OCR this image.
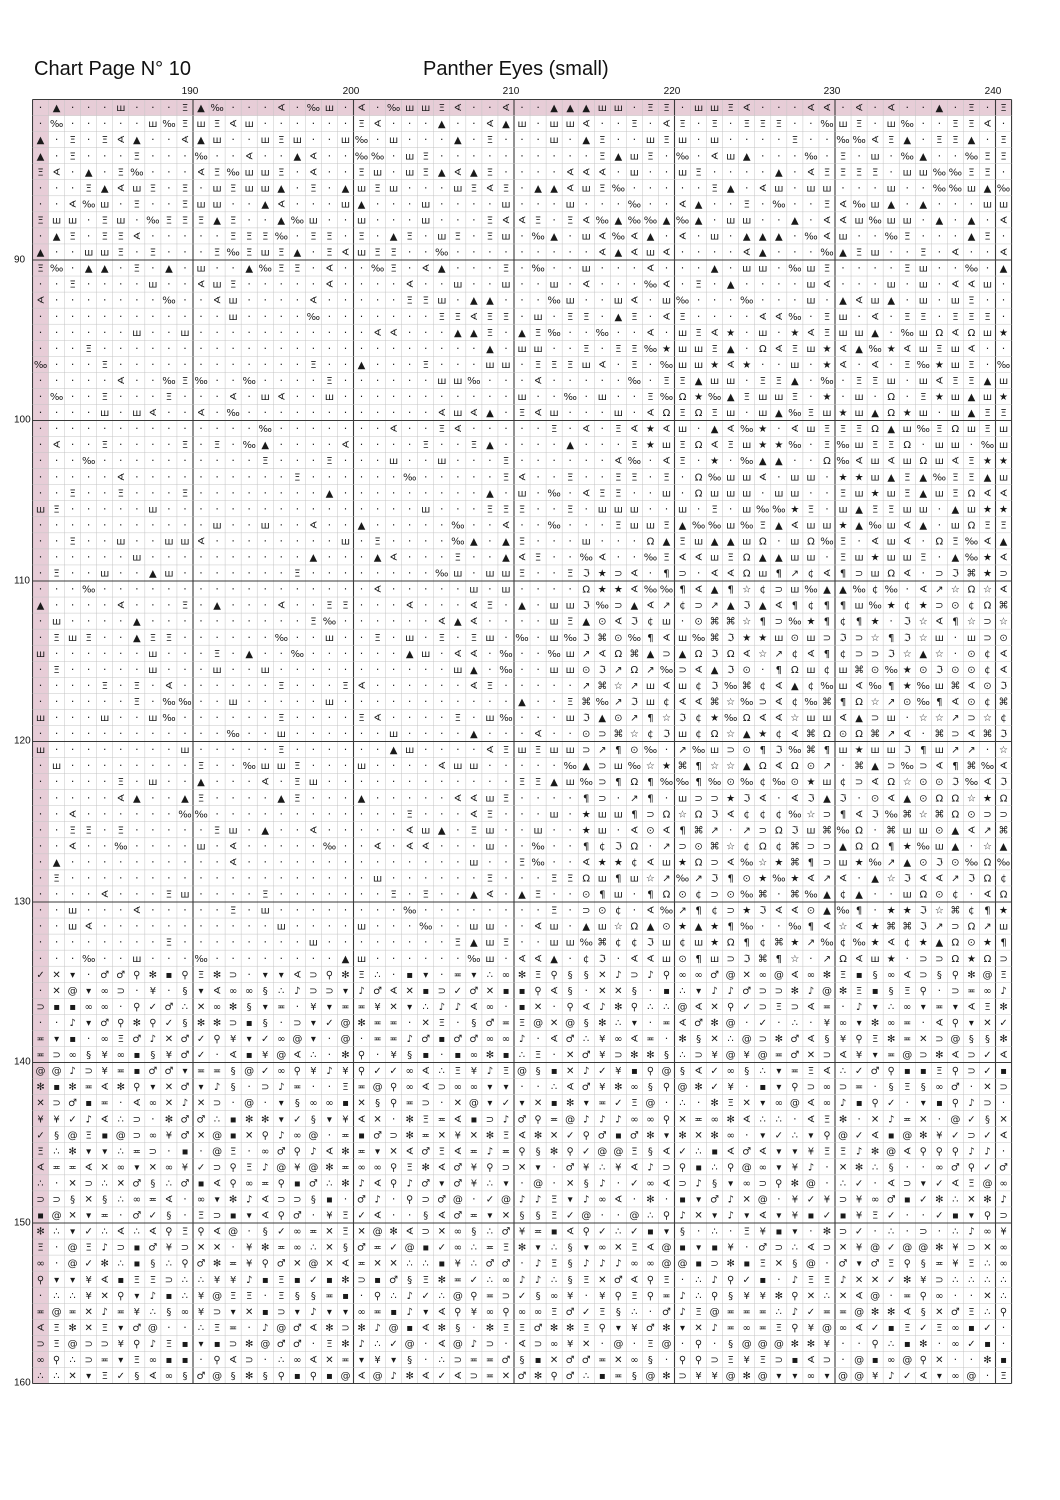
Chart Page N° 10	Panther Eyes (small)
190	200	210	220	230	240
90
100
110
120
130
140
150
160
· ▲ · · · ш · · · Ξ ▲ ‰ · · · ∢ · ‰ ш · ∢ · ‰ ш ш Ξ ∢ · · ∢ · · ▲ ▲ ▲ ш ш · Ξ Ξ · ш ш Ξ ∢ · · · ∢ ∢ · ∢ · ∢ · · ▲ · Ξ · Ξ
· ‰ · · · · · ш ‰ Ξ ш Ξ ∢ ш · · · · · · Ξ ∢ · · · ▲ · · ∢ ▲ ш · ш ш ∢ · · Ξ · ∢ Ξ · Ξ · Ξ Ξ Ξ · · ‰ ш Ξ · ш ‰ · · Ξ Ξ ∢ ·
▲ · Ξ · Ξ ∢ ▲ · · ∢ ▲ ш · · ш Ξ ш · · ш ‰ · ш · · · ▲ · Ξ · · · ш · ▲ Ξ · · ш Ξ ш · ш · · · · Ξ · · ‰ ‰ ∢ Ξ ▲ · Ξ Ξ ▲ · Ξ
▲ · Ξ · · · Ξ · · · ‰ · · ∢ · · ▲ ∢ · · ‰ ‰ · ш Ξ · · · · · · · · · · Ξ ▲ ш Ξ · ‰ · ∢ ш ▲ · · · ‰ · Ξ · ш · ‰ ▲ · · ‰ Ξ Ξ
Ξ ∢ · ▲ · Ξ ‰ · · · ∢ Ξ ‰ ш ш Ξ · ∢ · · Ξ ш · ш Ξ ▲ ∢ ▲ Ξ · · · · ∢ ∢ ∢ · ш · · ш Ξ · · · · ▲ · ∢ Ξ Ξ Ξ Ξ · ш ш ‰ ‰ Ξ Ξ ·
· · · Ξ ▲ ∢ ш Ξ · Ξ · ш Ξ ш ш ▲ · Ξ · ▲ ш Ξ ш · · · ш Ξ ∢ Ξ · ▲ ▲ ∢ ш Ξ ‰ · · · · · Ξ ▲ · ∢ ш · ш ш · · · ш · · ‰ ‰ ш ▲ ‰
· · ∢ ‰ ш · Ξ · · Ξ ш ш · · ▲ ∢ · · · ш ▲ · · · ш · · · · ш · · · ш · · · ‰ · · ∢ ▲ · · Ξ · ‰ · · Ξ ∢ ‰ ш ▲ · ▲ · · · ш ш
Ξ ш ш · Ξ ш · ‰ Ξ Ξ Ξ ▲ Ξ · · ▲ ‰ ш · · ш · · · ш · · · Ξ ∢ ∢ Ξ · Ξ ∢ ‰ ▲ ‰ ‰ ▲ ‰ ▲ · ш ш · · ▲ · ∢ ∢ ш ‰ ш ш · ▲ · ▲ · ∢
· ▲ Ξ · Ξ Ξ ∢ · · · · · Ξ Ξ Ξ ‰ · Ξ Ξ · Ξ · ▲ Ξ · ш Ξ · Ξ ш · ‰ ▲ · ш ∢ ‰ ∢ ▲ · ∢ · ш · ▲ ▲ ▲ · ‰ ∢ ш · · ‰ Ξ · · · ▲ Ξ ·
▲ · · ш ш Ξ · Ξ · · · Ξ ‰ Ξ ш Ξ ▲ · Ξ ∢ ш Ξ Ξ · · ‰ · · · · · · · · · ∢ ▲ ∢ ш ∢ · · · · ∢ ▲ · · · ‰ ▲ Ξ ш · · Ξ · ∢ · · ∢
Ξ ‰ · ▲ ▲ · Ξ · ▲ · ш · · ▲ ‰ Ξ Ξ · ∢ · · ‰ Ξ · ∢ ▲ · · · Ξ · ‰ · · ш · · · ∢ · · · ▲ · ш ш · ‰ ш Ξ · · · · Ξ ш · · ‰ · ▲
· · Ξ · · · · ш · · ∢ ш Ξ · · · · · ∢ · · · · ∢ · · ш · · ш · · ш · ∢ · · · ‰ ∢ · Ξ · ▲ · · · · ш ∢ · · · ш · ш · ∢ ∢ ш ·
∢ · · · · · · · ‰ · · ∢ ш · · · · ∢ · · · · · Ξ Ξ ш · ▲ ▲ · · · ‰ ш · · ш ∢ · ш ‰ · · · ‰ · · · ш · ▲ ∢ ш ▲ · ш · ш Ξ · ·
· · · · · · · · · · · · ш · · · · ‰ · · · · · · · Ξ Ξ ∢ Ξ Ξ · ш · Ξ Ξ · ▲ Ξ · ∢ Ξ · · · · ∢ ∢ ‰ · Ξ ш · ∢ · Ξ Ξ · Ξ Ξ Ξ ·
· · · · · · ш · · ш · · · · · · · · · · · ∢ ∢ · · · ▲ ▲ Ξ · ▲ Ξ ‰ · · ‰ · · ∢ · ш Ξ ∢ ★ · ш · ★ ∢ Ξ ш ш ▲ · ‰ ш Ω ∢ Ω ш ★
· · · Ξ · · · · · · · · · · · · · · · · · · · · · · · · ▲ · ш ш · · Ξ · Ξ Ξ ‰ ★ ш ш Ξ ▲ · Ω ∢ Ξ ш ★ ∢ ▲ ‰ ★ ∢ ш Ξ ш ∢ · ·
‰ · · · Ξ · · · · · · · · · · · · Ξ · · ▲ · · · Ξ · · · ш ш · Ξ Ξ Ξ ш ∢ · Ξ · ‰ ш ш ★ ∢ ★ · · ш · ★ ∢ · ∢ · Ξ ‰ ★ ш Ξ · ‰
· · · · · ∢ · · ‰ Ξ ‰ · · ‰ · · · · Ξ · · · · · · ш ш ‰ · · · ∢ · · · · · ‰ · Ξ Ξ ▲ ш ш · Ξ Ξ ▲ · ‰ · Ξ Ξ ш · ш ∢ Ξ Ξ ▲ ш
· ‰ · · Ξ · · · Ξ · · · ∢ · ш ∢ · · ш · · · · · · · · · · · ш · · ‰ · ш · · Ξ ‰ Ω ★ ‰ ▲ Ξ ш ш Ξ · ★ · ш · Ω · Ξ ★ ш ▲ ш ★
· · · · ш · ш ∢ · · ∢ · ‰ · · · · · · · · · · · · ∢ ш ∢ ▲ · Ξ ∢ ш · · · ш · ∢ Ω Ξ Ω Ξ ш · ш ▲ ‰ Ξ ш ★ ш ▲ Ω ★ ш · ш ▲ Ξ Ξ
· · · · · · · · · · · · · · ‰ · · · · · · · ∢ · · Ξ ∢ · · · · · Ξ · ∢ · Ξ ∢ ★ ∢ ш · ▲ ∢ ‰ ★ · ∢ ш Ξ Ξ Ξ Ω ▲ ш ‰ Ξ Ω ш Ξ ш
· ∢ · · Ξ · · · · Ξ · Ξ · ‰ ▲ · · · · ∢ · · · · Ξ · · Ξ ▲ · · · · ▲ · · · Ξ ★ ш Ξ Ω ∢ Ξ ш ★ ★ ‰ · Ξ ‰ ш Ξ Ξ Ω · ш ш · ‰ ш
· · · ‰ · · · · · · · · · · Ξ · · · Ξ · · · ш · · ш · · · Ξ · · · · · · ∢ ‰ · ∢ Ξ · ★ · ‰ ▲ ▲ · · Ω ‰ ∢ ш ∢ ш Ω ш ∢ Ξ ★ ★
· · · · · ∢ · · · · · · · · · · Ξ · · · · · · ‰ · · · · · Ξ ∢ · · Ξ · · Ξ Ξ · Ξ · Ω ‰ ш ш ∢ · ш ш · ★ ★ ш ▲ Ξ ▲ ‰ Ξ Ξ ▲ ш
· · Ξ · · Ξ · · · Ξ · · · · · · · · ▲ · · · · · · · · · ▲ · ш · ‰ · ∢ Ξ Ξ · · ш · Ω ш ш ш · ш ш · · Ξ ш ★ ш Ξ ▲ ш Ξ Ω ∢ ∢
ш Ξ · · · · · ш · · · · · · · · · · · · · · · · ш · · · Ξ Ξ Ξ · · Ξ · ш ш ш · · ш · Ξ · ш ‰ ‰ ★ Ξ · ш ▲ Ξ Ξ ш ш · ▲ ш ★ ★
· · · · · · · · · · · ш · · ш · · ∢ · · ▲ · · · · · ‰ · · ∢ · · ‰ · · · Ξ ш ш Ξ ▲ ‰ ‰ ш ‰ Ξ ▲ ∢ ш ш ★ ▲ ‰ ш ∢ ▲ · ш Ω Ξ Ξ
· · Ξ · · ш · · ш ш ∢ · · · · · · · · ш · Ξ · · · · ‰ ▲ · ▲ Ξ · · · ш · · · Ω ▲ Ξ ш ▲ ▲ ш Ω · ш Ω ‰ Ξ · ∢ ш ∢ · Ω Ξ ‰ ∢ ▲
· · · · · · ш · · · · · · · · · · ▲ · · · ▲ ∢ · · · Ξ · · ▲ ∢ Ξ · · ‰ ∢ · · ‰ Ξ ∢ ∢ ш Ξ Ω ▲ ▲ ш ш · Ξ ш ★ ш ш Ξ · ▲ ‰ ★ ∢
· Ξ · · ш · · ▲ ш · · · · · · · Ξ · · · · · · · · ‰ ш · ш ш Ξ · · Ξ ℑ ★ ⊃ ∢ · ¶ ⊃ · ∢ ∢ Ω ш ¶ ↗ ¢ ∢ ¶ ⊃ ш Ω ∢ · ⊃ ℑ ⌘ ★ ⊃
· · · ‰ · · · · · · · · · · · · · · · · · ∢ · · · · · ш · ш · · · · Ω ★ ★ ∢ ‰ ‰ ¶ ∢ ▲ ¶ ☆ ¢ ⊃ ш ‰ ▲ ▲ ‰ ¢ ‰ · ∢ ↗ ☆ Ω ☆ ∢
▲ · · · · ∢ · · · Ξ · ▲ · · · ∢ · · Ξ Ξ · · · ∢ · · · ∢ Ξ · ▲ · ш ш ℑ ‰ ⊃ ▲ ∢ ↗ ¢ ⊃ ↗ ▲ ℑ ▲ ∢ ¶ ¢ ¶ ¶ ш ‰ ★ ¢ ★ ⊃ ⊙ ¢ Ω ⌘
· ш · · · · ▲ · · · · · · · · · · Ξ ‰ · · · · · · ∢ ▲ ∢ · · · · ш Ξ ▲ ⊙ ∢ ℑ ¢ ш · ⊙ ⌘ ⌘ ☆ ¶ ⊃ ‰ ★ ¶ ¢ ¶ ★ · ℑ ☆ ∢ ¶ ☆ ⊃ ☆
· Ξ ш Ξ · · ▲ Ξ Ξ · · · · · · ‰ · · ш · · Ξ · ш · Ξ · Ξ ш · ‰ · ш ‰ ℑ ⌘ ⊙ ‰ ¶ ∢ ш ‰ ⌘ ℑ ★ ★ ш ⊙ ш ⊃ ℑ ⊃ ☆ ¶ ℑ ☆ ш · ш ⊃ ⊙
ш · · · · · · ш · · · Ξ · ▲ · · ‰ · · · · · · ▲ ш · ∢ ∢ · ‰ · · ‰ ш ↗ ∢ Ω ⌘ ▲ ⊃ ▲ Ω ℑ Ω ∢ ☆ ↗ ¢ ∢ ¶ ¢ ⊃ ⊃ ℑ ☆ ▲ ☆ · ⊙ ¢ ∢
· Ξ · · · · · ш · · · ш · · ш · · · · · · · · · · · ш ▲ · ‰ · · ш ш ⊙ ℑ ↗ Ω ↗ ‰ ⊃ ∢ ▲ ℑ ⊙ · ¶ Ω ш ¢ ш ⌘ ⊙ ‰ ★ ⊙ ℑ ⊙ ⊙ ¢ ∢
· · · · Ξ · Ξ · ∢ · · · · · · Ξ · · · Ξ ∢ · · · · · · ∢ Ξ · · · · · ↗ ⌘ ☆ ↗ ш ∢ ш ¢ ℑ ‰ ⌘ ¢ ∢ ▲ ¢ ‰ ш ∢ ‰ ¶ ★ ‰ ш ⌘ ∢ ⊙ ℑ
· · · · · · Ξ · ‰ ‰ · · ш · · · · · ш · · · · · · · · · · · ▲ · · Ξ ⌘ ‰ ↗ ℑ ш ¢ ∢ ∢ ⌘ ☆ ‰ ⊃ ∢ ¢ ‰ ⌘ ¶ Ω ☆ ↗ ⊙ ‰ ¶ ∢ ⊙ ¢ ⌘
ш · · · ш · · ш ‰ · · · · · · Ξ · · · · Ξ ∢ · · · · Ξ · ш ‰ · · · ш ℑ ▲ ⊙ ↗ ¶ ☆ ℑ ¢ ★ ‰ Ω ∢ ∢ ☆ ш ш ∢ ▲ ⊃ ш · ☆ ☆ ↗ ⊃ ☆ ¢
· · · · · · · · · · · · ‰ · · ш · · · · · · ш · · · · ▲ · · · ∢ · · ⊙ ⊃ ⌘ ☆ ¢ ℑ ш ¢ Ω ☆ ▲ ★ ¢ ∢ ⌘ Ω ⊙ Ω ⌘ ↗ ∢ · ⌘ ⊃ ∢ ⌘ ℑ
ш · · · · · · · · ш · · · · · Ξ · · · · · · ▲ ш · · · · ∢ Ξ ш Ξ ш ш ⊃ ↗ ¶ ⊙ ‰ · ↗ ‰ ш ⊃ ⊙ ¶ ℑ ‰ ⌘ ¶ ш ★ ш ш ℑ ¶ ш ↗ ↗ · ☆
· ш · · · · · · · · Ξ · · ‰ ш ш Ξ · · · ш · · · · ∢ ш ш · · · · · ‰ ▲ ⊃ ш ‰ ☆ ★ ⌘ ¶ ☆ ☆ ▲ Ω ∢ Ω ⊙ ↗ · ⌘ ▲ ⊃ ‰ ⊃ ∢ ¶ ⌘ ‰ ∢
· · · · · Ξ · ш · · ▲ · · · ∢ · Ξ ш · · · · · · · · · · · · Ξ Ξ ▲ ш ‰ ⊃ ¶ Ω ¶ ‰ ‰ ¶ ‰ ⊙ ‰ ¢ ‰ ⊙ ★ ш ¢ ⊃ ∢ Ω ☆ ⊙ ⊙ ℑ ‰ ∢ ℑ
· · · · · ∢ ▲ · · ▲ Ξ · · · · ▲ Ξ · · · ▲ · · · · · ∢ ∢ ш Ξ · · · · ¶ ⊃ · ↗ ¶ · ш ⊃ ⊃ ★ ℑ ∢ · ∢ ℑ ▲ ℑ · ⊙ ∢ ▲ ⊙ Ω Ω ☆ ★ Ω
· · ∢ · · · · · · ‰ ‰ · · · · · · · · · · · · Ξ · · · ∢ Ξ · · · ш · ★ ш ш ¶ ⊃ Ω ☆ Ω ℑ ∢ ¢ ¢ ¢ ‰ ☆ ⊃ ¶ ∢ ℑ ‰ ⌘ ☆ ⌘ Ω ⊙ ⊃ ⊃
· · Ξ Ξ · Ξ · · · · · Ξ ш · ▲ · · ∢ · · · · · ∢ ш ▲ · Ξ ш · · ш · · ★ ш · ∢ ⊙ ∢ ¶ ⌘ ↗ · ↗ ⊃ Ω ℑ ш ⌘ ‰ Ω · ⌘ ш ш ⊙ ▲ ∢ ↗ ⌘
· · ∢ · · ‰ · · · · ш · ∢ · · · · · ‰ · · ∢ · ∢ ∢ · · · ш · · ‰ · · ¶ ¢ ℑ Ω · ↗ ⊃ ⊙ ⌘ ☆ ¢ Ω ¢ ⌘ ⊃ ⊃ ▲ Ω Ω ¶ ★ ‰ ш ▲ · ☆ ▲
· ▲ · · · · · · · · · · ∢ · · · · · · · · · · · · · · ш · · Ξ ‰ · · ∢ ★ ★ ¢ ∢ ш ★ Ω ⊃ ∢ ‰ ☆ ★ ⌘ ¶ ⊃ ш ★ ‰ ↗ ▲ ⊙ ℑ ⊙ ‰ Ω ‰
· Ξ · · · · · · · · · · · · · · · · · · · ш · · · · · · Ξ · · · Ξ Ξ Ω ш ¶ ш ☆ ↗ ‰ ↗ ℑ ¶ ⊙ ★ ‰ ★ ∢ ↗ ∢ · ▲ ☆ ℑ ∢ ∢ ↗ ℑ Ω ¢
· · · · ∢ · · · Ξ ш · · · · Ξ · · · · · · · Ξ · Ξ · · ▲ ∢ · ▲ Ξ · · ⊙ ¶ ш · ¶ Ω ⊙ ¢ ⊃ ⊙ ‰ ⌘ · ⌘ ‰ ▲ ¢ ▲ · · ш Ω ⊙ ¢ · ∢ Ω
· · ш · · · ∢ · · · · · Ξ · ш · · · · · · · · ‰ · · · · · · · · Ξ · ⊃ ⊙ ¢ · ∢ ‰ ↗ ¶ ¢ ⊃ ★ ℑ ∢ ∢ ⊙ ▲ ‰ ¶ · ★ ★ ℑ ☆ ⌘ ¢ ¶ ★
· · ш ∢ · · · · · · · · · · · ш · · · · ш · · · ‰ · · ш ш · · ∢ ш · ▲ ш ☆ Ω ▲ ⊙ ★ ▲ ★ ¶ ‰ · · ‰ ¶ ∢ ☆ ∢ ★ ⌘ ⌘ ℑ ↗ ⊃ Ω ↗ ш
· · · · · · · · Ξ · · · · · · · · ш · · · · · · · · Ξ ▲ ш Ξ · · ш ш ‰ ⌘ ¢ ¢ ℑ ш ¢ ш ★ Ω ¶ ¢ ⌘ ★ ↗ ‰ ¢ ‰ ★ ∢ ¢ ★ ▲ Ω ⊙ ★ ¶
· · · ‰ · · ш · · · ‰ · · · · · · · · ▲ ш · · · · · · ‰ ш · ∢ ∢ ▲ · ¢ ℑ · ∢ ∢ ш ⊙ ¶ ш ⊃ ℑ ⌘ ¶ ☆ · ↗ Ω ∢ ш ★ · ⊃ ⊃ Ω ★ Ω ⊃
✓ ✕ ▾ · ♂ ♂ ⚲ ✻ ▪ ⚲ Ξ ✻ ⊃ · ▾ ▾ ∢ ⊃ ⚲ ✻ Ξ ∴ · ▪ ▾ · ≖ ▾ ∴ ∞ ✻ Ξ ⚲ § § ✕ ♪ ⊃ ♪ ⚲ ∞ ∞ ♂ @ ✕ ∞ @ ∢ ∞ ✻ Ξ ▪ § ∞ ∢ ⊃ § ⚲ ✻ @ Ξ
· ✕ @ ▾ ∞ ⊃ · ¥ · § ▾ ∢ ∞ ∞ § ∴ ♪ ⊃ ⊃ ▾ ♪ ♂ ∢ ✕ ▪ ⊃ ✓ ♂ ✕ ▪ ▪ ⚲ ∢ § · ✕ ✕ § · ▪ ∴ ▾ ♪ ♪ ♂ ⊃ ⊃ ✻ ♪ @ ✻ Ξ ▪ § Ξ ⚲ · ⊃ ≖ ∞ ♪
⊃ ▪ ▪ ∞ ∞ · ⚲ ✓ ♂ ∴ ✕ ∞ ✻ § ▾ ≖ · ¥ ▾ ≖ ≖ ¥ ✕ ▾ ∴ ♪ ♪ ∢ ∞ · ▪ ✕ · ⚲ ∢ ♪ ✻ ⚲ ∴ ∴ @ ∢ ✕ ⚲ ✓ ⊃ Ξ ⊃ ∢ ≖ · ♪ ▾ ∴ ∞ ▾ ≖ ▾ ∢ Ξ ✻
· · ♪ ▾ ♂ ⚲ ✻ ⚲ ✓ § ✻ ✻ ⊃ ▪ § · ⊃ ▾ ✓ @ ✻ ≖ ≖ · ✕ Ξ · § ♂ ≖ Ξ @ ✕ @ § ✻ ∴ ▾ · ≖ ∢ ♂ ✻ @ · ✓ · ∴ · ¥ ∞ ▾ ✻ ∞ ≖ · ∢ ⚲ ▾ ✕ ✓
≖ ▾ ▪ · ∞ Ξ ♂ ♪ ✕ ♂ ✓ ⚲ ¥ ▾ ✓ ∞ @ ▾ · @ · ≖ ≖ ♪ ♂ ▪ ♂ ♂ ∞ ∞ ♪ · ∢ ♂ ∴ ¥ ∞ ∢ ≖ · ✻ § ✕ ∴ @ ⊃ ✻ ♂ ∢ § ¥ ⚲ Ξ ✻ ≖ ✕ ⊃ @ § § ✻
≖ ⊃ ∞ § ¥ ∞ ▪ § ¥ ♂ ✓ · ∢ ▪ ¥ @ ∢ ∴ · ✻ ⚲ · ¥ § ▪ · ▪ ∞ ✻ ▪ ∴ Ξ · ✕ ♂ ¥ ⊃ ✻ ✻ § ∴ ⊃ ¥ @ ¥ @ ≖ ♂ ✕ ⊃ ∢ ¥ ▾ ≖ @ ⊃ ✻ ∢ ⊃ ✓ ∢
@ @ ♪ ⊃ ¥ ≖ ▪ ♂ ♂ ▾ ≖ ≖ § @ ✓ ∞ ⚲ ¥ ♪ ¥ ⚲ ✓ ✓ ∞ ∢ ∴ Ξ ¥ ♪ Ξ @ § ▪ ✕ ♪ ✓ ¥ ▪ ⚲ @ § ∢ ✓ ∞ § ∴ ▾ ≖ Ξ ∢ ∴ ✓ ♂ ⚲ ▪ ▪ Ξ ⚲ ⊃ ✓ ▪
✻ ▪ ✻ ≖ ∢ ✻ ⚲ ▾ ✕ ♂ ▾ ♪ § · ⊃ ♪ ≖ · · Ξ ≖ @ ⚲ ∞ ∢ ⊃ ∞ ∞ ▾ ▾ · · ∴ ∢ ♂ ¥ ✻ ∞ § ⚲ @ ✻ ✓ ¥ · ▪ ▾ ⚲ ⊃ ∞ ⊃ ≖ · § Ξ § ∞ ♂ · ✕ ⊃
✕ ⊃ ♂ ▪ ≖ · ∢ ∞ ✕ ♪ ✕ ⊃ · @ · ▾ § ∞ ∞ ▪ ✕ § ⚲ ≖ ⊃ · ✕ @ ▾ ✓ ▾ ✕ ▪ ✻ ▾ ≖ ✓ Ξ @ · ∴ · ✻ Ξ ✕ ▾ ∞ @ ∢ ∞ ♪ ▪ ⚲ ✓ · ▾ ▪ ⚲ ♪ ⊃ ·
¥ ¥ ✓ ♪ ∢ ∴ ⊃ · ✻ ♂ ♂ ∴ ▪ ✻ ✻ ▾ ✓ § ▾ ¥ ∢ ✕ · ✻ Ξ ≖ ∢ ▪ ⊃ ♪ ♂ ⚲ ≖ @ ♪ ♪ ♪ ∞ ∞ ⚲ ✕ ≖ ∞ ✻ ∢ ∴ ∴ · ∢ Ξ ✻ · ✕ ♪ ≖ ✕ · @ ✓ § ✕
✓ § @ Ξ ▪ @ ⊃ ∞ ¥ ♂ ✕ @ ▪ ✕ ⚲ ♪ ∞ @ · ≖ ▪ ♂ ⊃ ✻ ≖ ✕ ¥ ✕ ✻ Ξ ∢ ✻ ✕ ✓ ⚲ ♂ ▪ ♂ ✻ ▾ ✻ ✕ ✻ ∞ · ▾ ✓ ∴ ▾ ⚲ @ ✓ ∢ ▪ @ ✻ ¥ ✓ ⊃ ✓ ∢
Ξ ∴ ✻ ▾ ▾ ∴ ≖ ⊃ · ▪ · @ Ξ · ∞ ♂ ⚲ ♪ ∢ ✻ ≖ ▾ ✕ ∢ ♂ Ξ ∢ ≖ ♪ ≖ ⚲ § ✻ ⚲ ✓ @ @ Ξ § ∢ ✓ ∴ ▪ ∢ ♂ ∢ ▾ ▾ ¥ Ξ Ξ ♪ ✻ @ ∢ ⚲ ⚲ ⚲ ♪ ♪ ·
∢ ≖ ≖ ∢ ✕ ∞ ▾ ✕ ∞ ¥ ✓ ⊃ ⚲ Ξ ♪ @ ¥ @ ✻ ≖ ∞ ∞ ⚲ Ξ ✻ ∢ ♂ ¥ ⚲ ⊃ ✕ ▾ · ♂ ¥ ∴ ¥ ∢ ♪ ⊃ ⚲ ▪ ∴ ⚲ @ ∞ ▾ ¥ ♪ · ✕ ✻ ∴ § · · ∞ ♂ ⚲ ✓ ♂
∴ · ✕ ⊃ ∴ ✕ ♂ § ∴ ♂ ▪ ∢ ⚲ ∞ ≖ ⚲ ▪ ♂ ∴ ✻ ♪ ∢ ⚲ ♪ ♂ ▾ ♂ ¥ ∴ ▾ · @ · ✕ § ♪ · ✓ ∞ ∢ ⊃ ♪ § ▾ ∞ ⊃ ⚲ ✻ @ · ∴ ✓ · ∢ ⊃ ▾ ✓ ∢ Ξ @ ∞
⊃ ⊃ § ✕ § ∴ ∞ ≖ ∢ · ∞ ▾ ✻ ♪ ∢ ⊃ ⊃ § ▪ · ♂ ♪ · ⚲ ⊃ ♂ @ · ✓ @ ♪ ♪ Ξ ▾ ♪ ∞ ∢ · ✻ · ▪ ▾ ♂ ♪ ✕ @ · ¥ ✓ ¥ ⊃ ¥ ∞ ♂ ▪ ✓ ✻ ∴ ✕ ✻ ♪
▪ @ ✕ ▾ ≖ · ♂ ✓ § · Ξ ⊃ ▪ ▾ ∢ ⚲ ♂ · ¥ Ξ ✓ ∢ · · § ∢ ♂ ≖ ▾ ✕ § § Ξ ✓ @ · · @ ∴ ⚲ ♪ ✕ ▾ ♪ ▾ ∢ ▾ ¥ ▪ ✓ ▪ ¥ Ξ ✓ · · ✓ ▪ ▾ ⚲ ⊃
✻ ∴ ▾ ✓ ∴ ∢ ∴ ∢ ⚲ Ξ ⚲ ∢ @ · § ✓ ∞ ≖ ✕ Ξ ✕ @ ✻ ∢ ⊃ ✕ ∞ § ∴ ♂ ¥ ≖ ▪ ∢ ⚲ ✓ ∴ ✓ ▪ ▾ § · ∴ · Ξ ¥ ▪ ▾ · ✻ ⊃ ✓ · ∴ · ⊃ · ∴ ♪ ∞ ¥
Ξ · @ Ξ ♪ ⊃ ▪ ♂ ¥ ⊃ ✕ ✕ · ¥ ✻ ≖ ∞ ∴ ✕ § ♂ ≖ ✓ @ ▪ ✓ ∞ ∴ ≖ Ξ ✻ ▾ ∴ § ▾ ∞ ✕ Ξ ∢ @ ▪ ▾ ▪ ¥ · ♂ ⊃ ∴ ∢ ⊃ ✕ ¥ @ ✓ @ @ ✻ ¥ ⊃ ✕ ∞
∞ · @ ✓ ✻ ∴ ▪ § ∴ ⚲ ♂ ✻ ≖ ¥ ⚲ ♂ ✕ @ ✕ ∢ ≖ ✕ ✕ ∴ ∴ ▪ ¥ ∴ ♂ ♂ · ♪ Ξ § ♪ ♪ ♪ ∞ ∞ @ @ ▪ ⊃ ✻ ▪ Ξ ✕ § @ · ♂ ▾ ♂ Ξ ⚲ § ≖ ¥ Ξ ∴ ∞
⚲ ▾ ▾ ¥ ∢ ▪ Ξ Ξ ⊃ ∴ ∴ ¥ ¥ ♪ ▪ Ξ ▪ ✓ ▪ ✻ ⊃ ▪ ♂ § Ξ ✻ ≖ ✓ ∴ ∞ ♪ ♪ ∴ § Ξ ✕ ♂ ∢ ⚲ Ξ · ∴ ♪ ⚲ ✓ ▪ · ♪ Ξ Ξ ♪ ✕ ✕ ✓ ✻ ¥ ⊃ ∴ ∴ ∴ ∴
· ∴ ∴ ¥ ✕ ⚲ ▾ ♪ ▪ ∴ ¥ @ Ξ Ξ · Ξ § § ≖ ▪ · ⚲ ∴ ♪ ✓ ∴ @ ⚲ ≖ ⊃ ✓ § ∞ ¥ · ¥ ⚲ Ξ ⚲ ≖ ♪ ∴ ⚲ § ¥ ¥ ✻ ⚲ ✕ ∴ ✕ ∢ @ · ≖ ⚲ ∞ · · ✕ ∴
≖ @ ≖ ✕ ♪ ≖ ¥ ∴ § ∞ ¥ ⊃ ▾ ✕ ▪ ⊃ ▾ ♪ ▾ ▾ ∞ ≖ ▪ ♪ ▾ ∢ ⚲ ¥ ∞ ⚲ ∞ ∞ Ξ ♂ ✓ Ξ § ∴ · ♂ ♪ Ξ @ ≖ ≖ ≖ ∴ ♪ ✓ ≖ ≖ @ ✻ ✻ ∢ § ✕ ♂ Ξ ∴ ⚲
∢ Ξ ✻ ✕ Ξ ▾ ♂ @ · · ∴ Ξ ≖ · ♪ @ ♂ ∢ ✻ ⊃ ✻ ♪ @ ▪ ∢ ✻ § · ✻ Ξ Ξ ♂ ✻ ✻ Ξ ⚲ ▾ ¥ ♂ ✻ ▾ ✕ ♪ ≖ ∞ ≖ Ξ ⚲ ¥ @ ∞ ∢ ✓ ▪ Ξ ✓ Ξ ∞ ▪ ✓ ·
⊃ Ξ @ ⊃ ⊃ ¥ ⚲ ♪ Ξ ▪ ▾ ▪ ⊃ ✻ @ ♂ ♂ · Ξ ✻ ♪ ∴ ✓ @ · ∢ @ ♪ ⊃ · ∢ ⊃ ∞ ¥ ✕ · @ · Ξ @ · ⚲ · § @ @ @ ✻ ✻ ¥ · · ⚲ ∴ ▪ ✻ · ∞ ✓ ▪ ·
∞ ⚲ ∴ ⊃ ≖ ▾ Ξ ∞ ▪ ▪ · ⚲ ∢ ⊃ · ∴ ∞ ∢ ✕ ≖ ▾ ¥ ▾ § · ∴ ⊃ ≖ ≖ ♂ § ▪ ✕ ♂ ♂ ≖ ✕ ∞ § · ⚲ ⚲ ⊃ Ξ ¥ Ξ ⊃ ▪ ∢ ⊃ · @ ▪ ∞ @ ⚲ ✕ · · ✻ ▪
∴ ∴ ✕ ▾ Ξ ✓ § ∢ ∞ § ♂ @ § ✻ § ⚲ ▪ ⚲ ▪ @ ∢ @ ♪ ✻ ∢ ✓ ∢ ⊃ ≖ ✕ ♂ ✻ ⚲ ♂ ∴ ▪ ≖ § @ ✻ ⊃ ¥ ¥ @ ✻ @ ▾ ▾ ∞ ▾ @ @ ¥ ♪ ✓ ∢ ▾ ∞ @ · Ξ
